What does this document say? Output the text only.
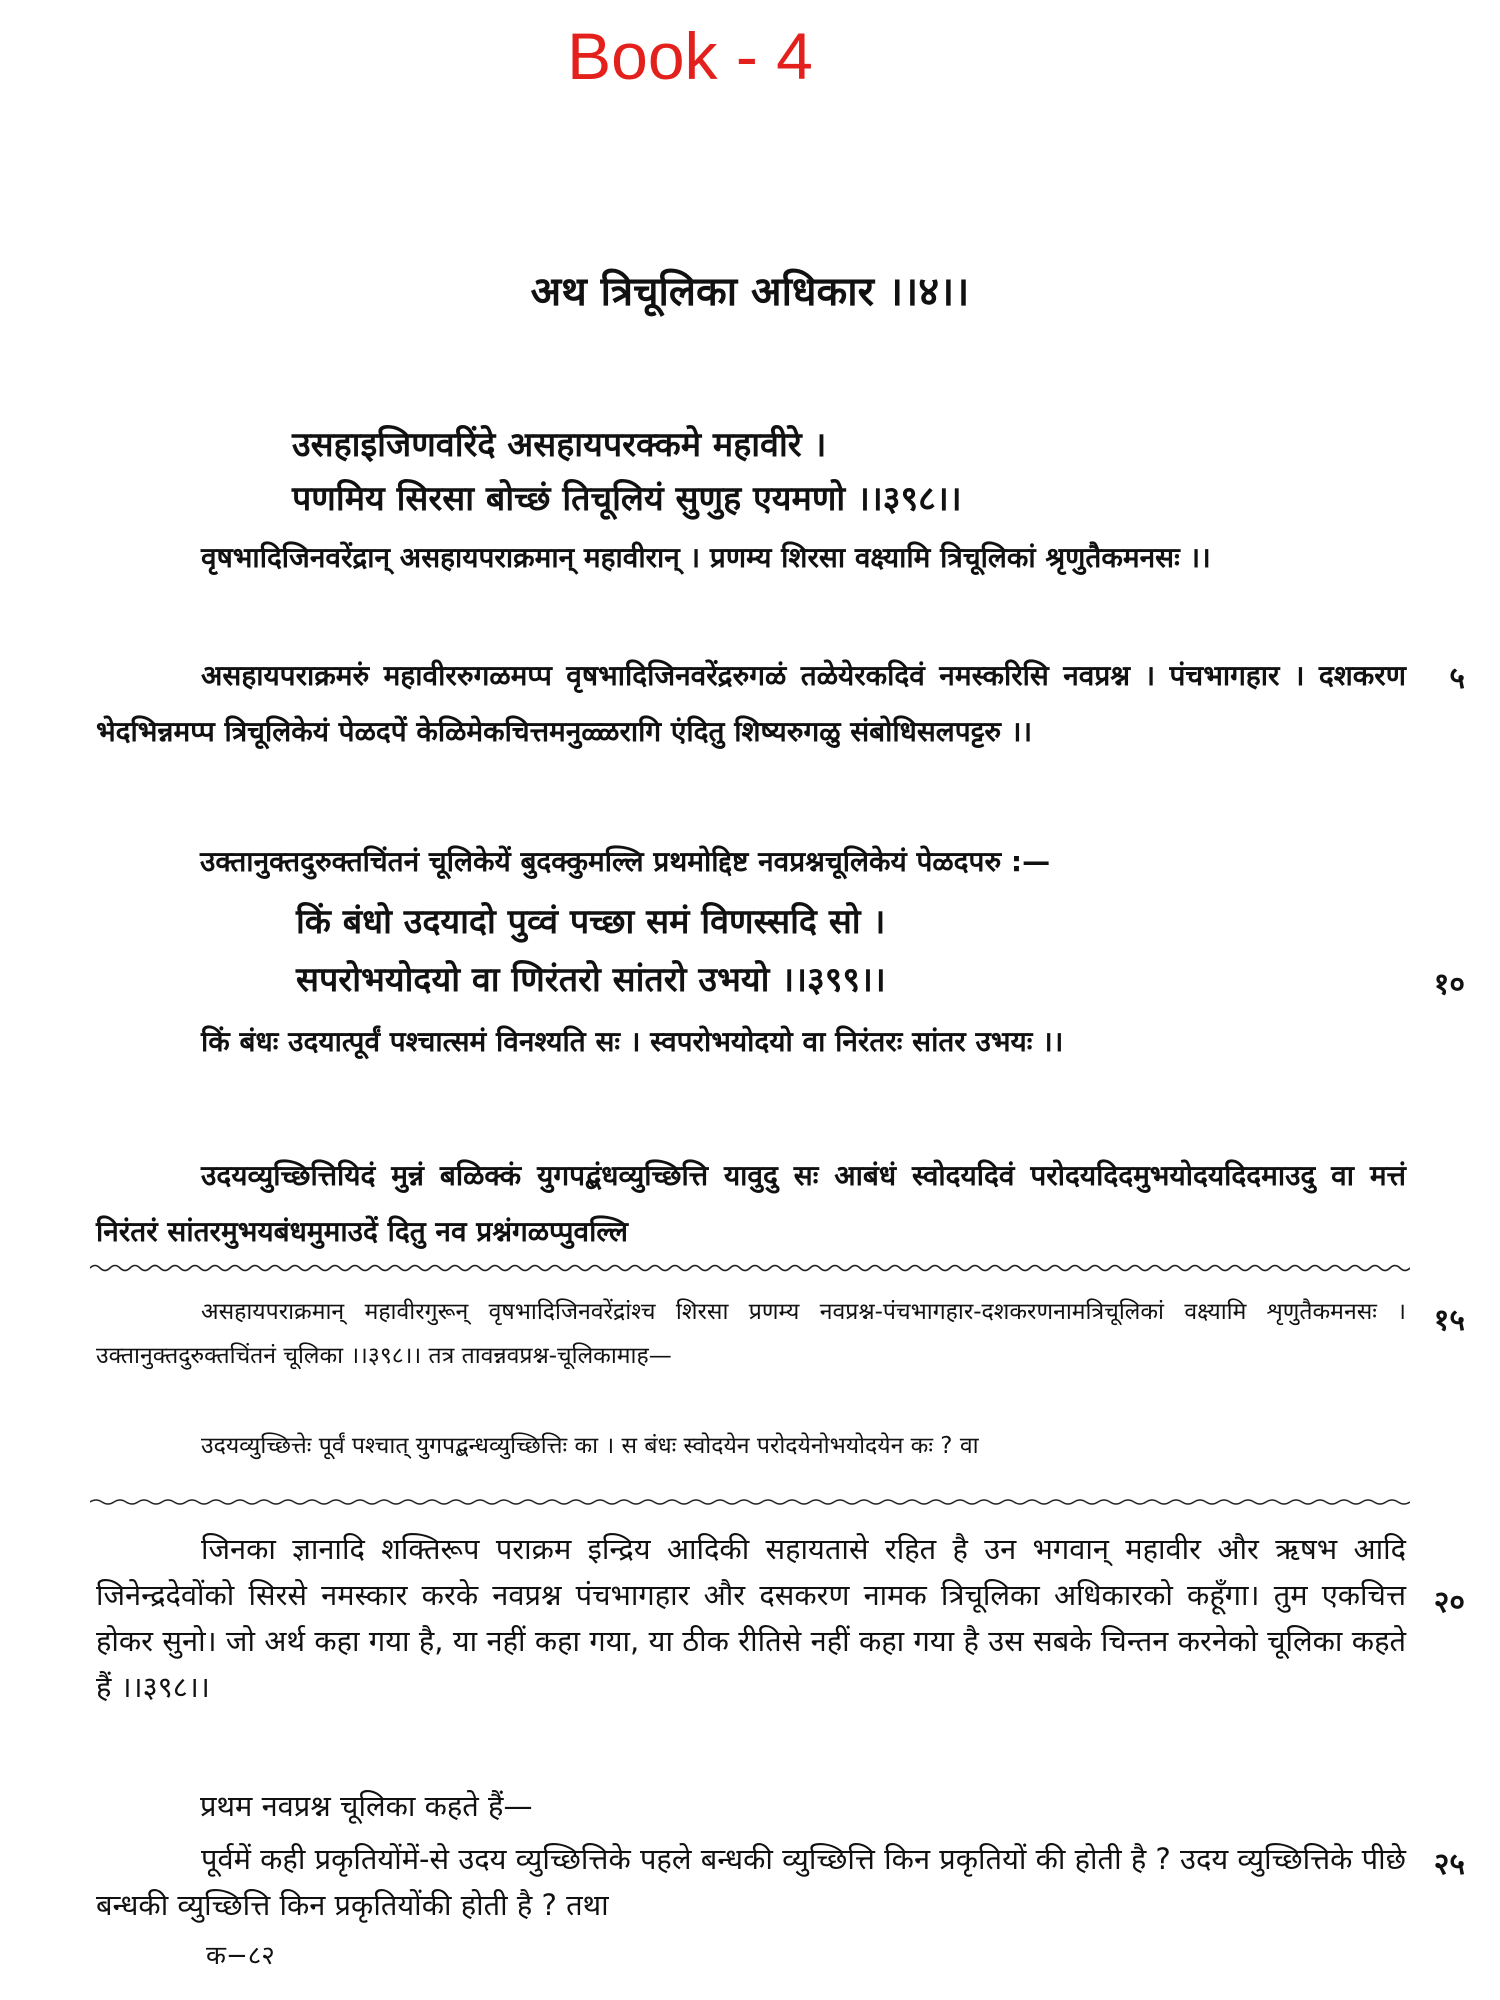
Book - 4
अथ त्रिचूलिका अधिकार ।।४।।
उसहाइजिणवरिंदे असहायपरक्कमे महावीरे ।
पणमिय सिरसा बोच्छं तिचूलियं सुणुह एयमणो ।।३९८।।

वृषभादिजिनवरेंद्रान् असहायपराक्रमान् महावीरान् । प्रणम्य शिरसा वक्ष्यामि त्रिचूलिकां श्रृणुतैकमनसः ।।

असहायपराक्रमरुं महावीररुगळमप्प वृषभादिजिनवरेंद्ररुगळं तळेयेरकदिवं नमस्करिसि नवप्रश्न । पंचभागहार । दशकरण भेदभिन्नमप्प त्रिचूलिकेयं पेळदपें केळिमेकचित्तमनुळ्ळरागि एंदितु शिष्यरुगळु संबोधिसलपट्टरु ।।

५
उक्तानुक्तदुरुक्तचिंतनं चूलिकेयें बुदक्कुमल्लि प्रथमोद्दिष्ट नवप्रश्नचूलिकेयं पेळदपरु :—
किं बंधो उदयादो पुव्वं पच्छा समं विणस्सदि सो ।
सपरोभयोदयो वा णिरंतरो सांतरो उभयो ।।३९९।।	१०

किं बंधः उदयात्पूर्वं पश्चात्समं विनश्यति सः । स्वपरोभयोदयो वा निरंतरः सांतर उभयः ।।

उदयव्युच्छित्तियिदं मुन्नं बळिक्कं युगपद्बंधव्युच्छित्ति यावुदु सः आबंधं स्वोदयदिवं परोदयदिदमुभयोदयदिदमाउदु वा मत्तं निरंतरं सांतरमुभयबंधमुमाउदें दितु नव प्रश्नंगळप्पुवल्लि

असहायपराक्रमान् महावीरगुरून् वृषभादिजिनवरेंद्रांश्च शिरसा प्रणम्य नवप्रश्न-पंचभागहार-दशकरणनामत्रिचूलिकां वक्ष्यामि शृणुतैकमनसः । उक्तानुक्तदुरुक्तचिंतनं चूलिका ।।३९८।। तत्र तावन्नवप्रश्न-चूलिकामाह—

१५

उदयव्युच्छित्तेः पूर्वं पश्चात् युगपद्बन्धव्युच्छित्तिः का । स बंधः स्वोदयेन परोदयेनोभयोदयेन कः ? वा

जिनका ज्ञानादि शक्तिरूप पराक्रम इन्द्रिय आदिकी सहायतासे रहित है उन भगवान् महावीर और ऋषभ आदि जिनेन्द्रदेवोंको सिरसे नमस्कार करके नवप्रश्न पंचभागहार और दसकरण नामक त्रिचूलिका अधिकारको कहूँगा। तुम एकचित्त होकर सुनो। जो अर्थ कहा गया है, या नहीं कहा गया, या ठीक रीतिसे नहीं कहा गया है उस सबके चिन्तन करनेको चूलिका कहते हैं ।।३९८।।

२०
प्रथम नवप्रश्न चूलिका कहते हैं—

पूर्वमें कही प्रकृतियोंमें-से उदय व्युच्छित्तिके पहले बन्धकी व्युच्छित्ति किन प्रकृतियों की होती है ? उदय व्युच्छित्तिके पीछे बन्धकी व्युच्छित्ति किन प्रकृतियोंकी होती है ? तथा

२५
क−८२
